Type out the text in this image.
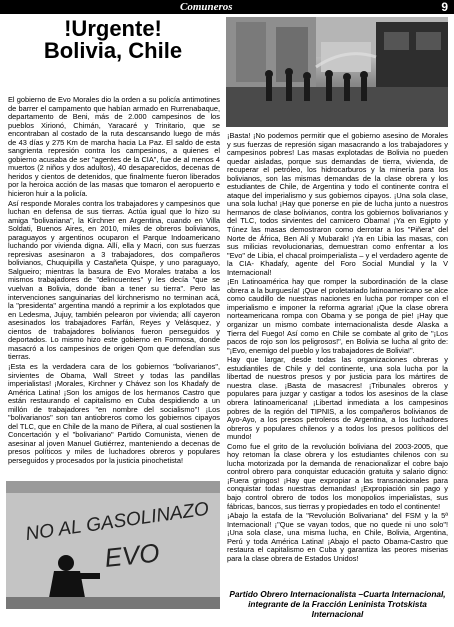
Comuneros	9
!Urgente!
Bolivia, Chile

El gobierno de Evo Morales dio la orden a su policía antimotines de barrer el campamento que habían armado en Rurrenabaque, departamento de Beni, más de 2.000 campesinos de los pueblos Xirionó, Chimán, Yaracaré y Trinitario, que se encontraban al costado de la ruta descansando luego de más de 43 días y 275 Km de marcha hacia La Paz. El saldo de esta sangrienta represión contra los campesinos, a quienes el gobierno acusaba de ser "agentes de la CIA", fue de al menos 4 muertos (2 niños y dos adultos), 40 desaparecidos, decenas de heridos y cientos de detenidos, que finalmente fueron liberados por la heroica acción de las masas que tomaron el aeropuerto e hicieron huir a la policía.

Así responde Morales contra los trabajadores y campesinos que luchan en defensa de sus tierras. Actúa igual que lo hizo su amiga "bolivariana", la Kirchner en Argentina, cuando en Villa Soldati, Buenos Aires, en 2010, miles de obreros bolivianos, paraguayos y argentinos ocuparon el Parque Indoamericano luchando por vivienda digna. Allí, ella y Macri, con sus fuerzas represivas asesinaron a 3 trabajadores, dos compañeros bolivianos, Chuquipilla y Castañeta Quispe, y uno paraguayo, Salgueiro; mientras la basura de Evo Morales trataba a los mismos trabajadores de "delincuentes" y les decía "que se vuelvan a Bolivia, donde iban a tener su tierra". Pero las intervenciones sanguinarias del kirchnerismo no terminan acá, la "presidenta" argentina mandó a reprimir a los explotados que en Ledesma, Jujuy, también pelearon por vivienda; allí cayeron asesinados los trabajadores Farfán, Reyes y Velásquez, y cientos de trabajadores bolivianos fueron perseguidos y deportados. Lo mismo hizo este gobierno en Formosa, donde masacró a los campesinos de origen Qom que defendían sus tierras.

¡Esta es la verdadera cara de los gobiernos "bolivarianos", sirvientes de Obama, Wall Street y todas las pandillas imperialistas! ¡Morales, Kirchner y Chávez son los Khadafy de América Latina! ¡Son los amigos de los hermanos Castro que están restaurando el capitalismo en Cuba despidiendo a un millón de trabajadores "en nombre del socialismo"! ¡Los "bolivarianos" son tan antiobreros como los gobiernos cipayos del TLC, que en Chile de la mano de Piñera, al cual sostienen la Concertación y el "bolivariano" Partido Comunista, vienen de asesinar al joven Manuel Gutiérrez, manteniendo a decenas de presos políticos y miles de luchadores obreros y populares perseguidos y procesados por la justicia pinochetista!

¡Basta! ¡No podemos permitir que el gobierno asesino de Morales y sus fuerzas de represión sigan masacrando a los trabajadores y campesinos pobres! Las masas explotadas de Bolivia no pueden quedar aisladas, porque sus demandas de tierra, vivienda, de recuperar el petróleo, los hidrocarburos y la minería para los bolivianos, son las mismas demandas de la clase obrera y los estudiantes de Chile, de Argentina y todo el continente contra el ataque del imperialismo y sus gobiernos cipayos. ¡Una sola clase, una sola lucha! ¡Hay que ponerse en pie de lucha junto a nuestros hermanos de clase bolivianos, contra los gobiernos bolivarianos y del TLC, todos sirvientes del carnicero Obama! ¡Ya en Egipto y Túnez las masas demostraron como derrotar a los "Piñera" del Norte de África, Ben Alí y Mubarak! ¡Ya en Libia las masas, con sus milicias revolucionarias, demuestran como enfrentar a los "Evo" de Libia, el chacal proimperialista – y el verdadero agente de la CIA- Khadafy, agente del Foro Social Mundial y la V Internacional!

¡En Latinoamérica hay que romper la subordinación de la clase obrera a la burguesía! ¡Que el proletariado latinoamericano se alce como caudillo de nuestras naciones en lucha por romper con el imperialismo e imponer la reforma agraria! ¡Que la clase obrera norteamericana rompa con Obama y se ponga de pie! ¡Hay que organizar un mismo combate internacionalista desde Alaska a Tierra del Fuego! Así como en Chile se combate al grito de "¡Los pacos de rojo son los peligrosos!", en Bolivia se lucha al grito de: "¡Evo, enemigo del pueblo y los trabajadores de Bolivia!".

Hay que largar, desde todas las organizaciones obreras y estudiantiles de Chile y del continente, una sola lucha por la libertad de nuestros presos y por justicia para los mártires de nuestra clase. ¡Basta de masacres! ¡Tribunales obreros y populares para juzgar y castigar a todos los asesinos de la clase obrera latinoamericana! ¡Libertad inmediata a los campesinos pobres de la región del TIPNIS, a los compañeros bolivianos de Ayo-Ayo, a los presos petroleros de Argentina, a los luchadores obreros y populares chilenos y a todos los presos políticos del mundo!

Como fue el grito de la revolución boliviana del 2003-2005, que hoy retoman la clase obrera y los estudiantes chilenos con su lucha motorizada por la demanda de renacionalizar el cobre bajo control obrero para conquistar educación gratuita y salario digno: ¡Fuera gringos! ¡Hay que expropiar a las transnacionales para conquistar todas nuestras demandas! ¡Expropiación sin pago y bajo control obrero de todos los monopolios imperialistas, sus fábricas, bancos, sus tierras y propiedades en todo el continente!

¡Abajo la estafa de la "Revolución Bolivariana" del FSM y la 5ª Internacional! ¡"Que se vayan todos, que no quede ni uno solo"! ¡Una sola clase, una misma lucha, en Chile, Bolivia, Argentina, Perú y toda América Latina! ¡Abajo el pacto Obama-Castro que restaura el capitalismo en Cuba y garantiza las peores miserias para la clase obrera de Estados Unidos!

NO AL GASOLINAZO
EVO
Partido Obrero Internacionalista –Cuarta Internacional,
integrante de la Fracción Leninista Trotskista Internacional
